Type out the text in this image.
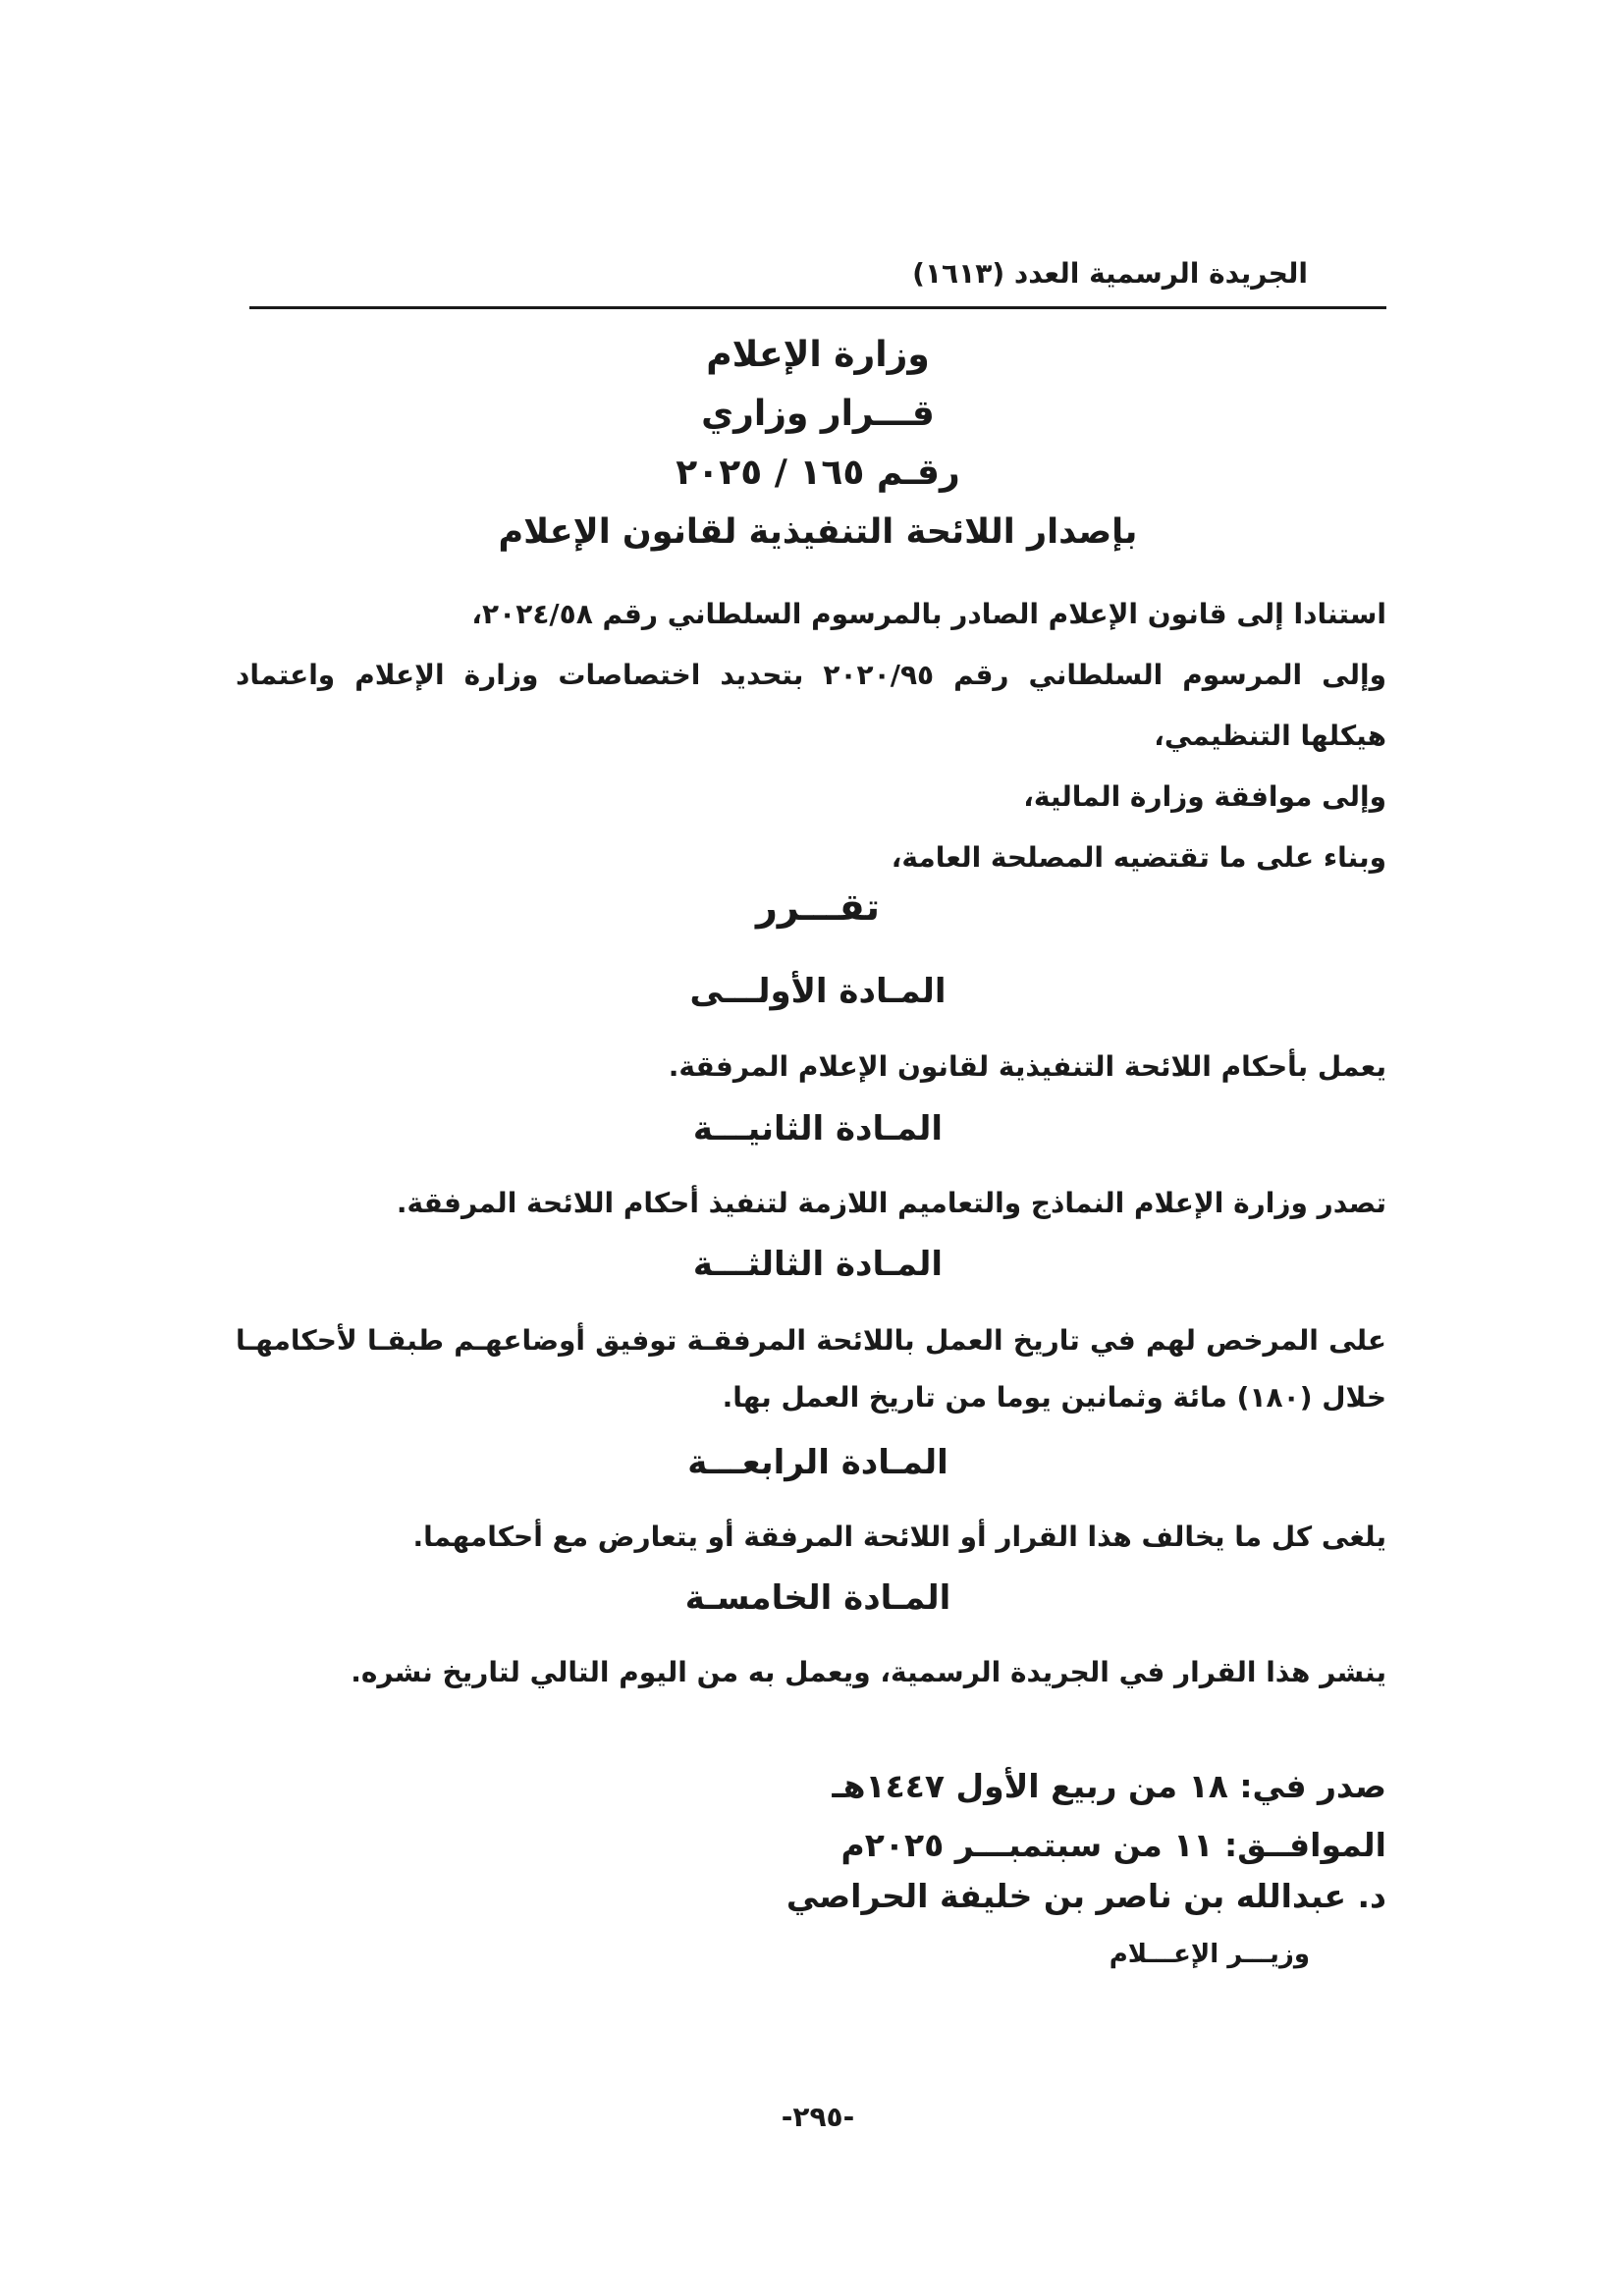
الجريدة الرسمية العدد (١٦١٣)
وزارة الإعلام
قـــرار وزاري
رقـم ١٦٥ / ٢٠٢٥
بإصدار اللائحة التنفيذية لقانون الإعلام
استنادا إلى قانون الإعلام الصادر بالمرسوم السلطاني رقم ٢٠٢٤/٥٨،
وإلى المرسوم السلطاني رقم ٢٠٢٠/٩٥ بتحديد اختصاصات وزارة الإعلام واعتماد هيكلها التنظيمي،
وإلى موافقة وزارة المالية،
وبناء على ما تقتضيه المصلحة العامة،
تقـــرر
المـادة الأولـــى
يعمل بأحكام اللائحة التنفيذية لقانون الإعلام المرفقة.
المـادة الثانيـــة
تصدر وزارة الإعلام النماذج والتعاميم اللازمة لتنفيذ أحكام اللائحة المرفقة.
المـادة الثالثـــة
على المرخص لهم في تاريخ العمل باللائحة المرفقـة توفيق أوضاعهـم طبقـا لأحكامهـا خلال (١٨٠) مائة وثمانين يوما من تاريخ العمل بها.
المـادة الرابعـــة
يلغى كل ما يخالف هذا القرار أو اللائحة المرفقة أو يتعارض مع أحكامهما.
المـادة الخامسـة
ينشر هذا القرار في الجريدة الرسمية، ويعمل به من اليوم التالي لتاريخ نشره.
صدر في: ١٨ من ربيع الأول ١٤٤٧هـ
الموافــق: ١١ من سبتمبـــر ٢٠٢٥م
د. عبدالله بن ناصر بن خليفة الحراصي
وزيـــر الإعـــلام
-٢٩٥-
